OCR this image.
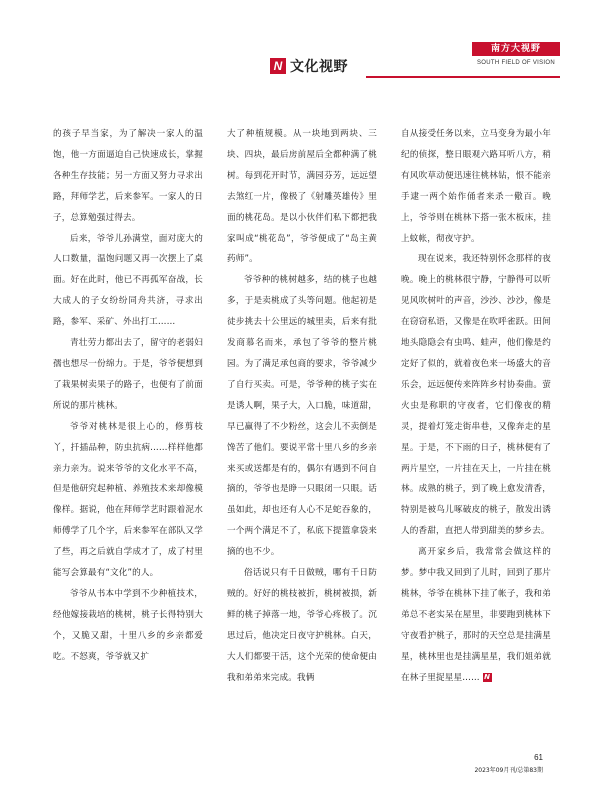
N 文化视野
南方大视野
SOUTH FIELD OF VISION

的孩子早当家，为了解决一家人的温饱，他一方面逼迫自己快速成长，掌握各种生存技能；另一方面又努力寻求出路，拜师学艺，后来参军。一家人的日子，总算勉强过得去。

后来，爷爷儿孙满堂，面对庞大的人口数量，温饱问题又再一次摆上了桌面。好在此时，他已不再孤军奋战，长大成人的子女纷纷同舟共济，寻求出路，参军、采矿、外出打工……

青壮劳力都出去了，留守的老弱妇孺也想尽一份绵力。于是，爷爷便想到了栽果树卖果子的路子，也便有了前面所说的那片桃林。

爷爷对桃林是很上心的，修剪枝丫，扦插品种，防虫抗病……样样他都亲力亲为。说来爷爷的文化水平不高，但是他研究起种植、养殖技术来却像模像样。据说，他在拜师学艺时跟着泥水师傅学了几个字，后来参军在部队又学了些，再之后就自学成才了，成了村里能写会算最有“文化”的人。

爷爷从书本中学到不少种植技术，经他嫁接栽培的桃树，桃子长得特别大个，又脆又甜，十里八乡的乡亲都爱吃。不怒爽，爷爷就又扩

大了种植规模。从一块地到两块、三块、四块，最后房前屋后全都种满了桃树。每到花开时节，满园芬芳，远远望去煞红一片，像极了《射雕英雄传》里面的桃花岛。是以小伙伴们私下都把我家叫成“桃花岛”，爷爷便成了“岛主黄药师”。

爷爷种的桃树越多，结的桃子也越多，于是卖桃成了头等问题。他起初是徒步挑去十公里远的城里卖，后来有批发商慕名而来，承包了爷爷的整片桃园。为了满足承包商的要求，爷爷减少了自行买卖。可是，爷爷种的桃子实在是诱人啊，果子大，入口脆，味道甜，早已赢得了不少粉丝，这会儿不卖倒是馋苦了他们。要说平常十里八乡的乡亲来买或送都是有的，偶尔有遇到不问自摘的，爷爷也是睁一只眼闭一只眼。话虽如此，却也还有人心不足蛇吞象的，一个两个满足不了，私底下提篮拿袋来摘的也不少。

俗话说只有千日做贼，哪有千日防贼的。好好的桃枝被折，桃树被损，新鲜的桃子掉落一地，爷爷心疼极了。沉思过后，他决定日夜守护桃林。白天，大人们都要干活，这个光荣的使命便由我和弟弟来完成。我俩

自从接受任务以来，立马变身为最小年纪的侦探，整日眼观六路耳听八方，稍有风吹草动便迅速往桃林钻，恨不能亲手逮一两个始作俑者来杀一儆百。晚上，爷爷则在桃林下搭一张木板床，挂上蚊帐，彻夜守护。

现在说来，我还特别怀念那样的夜晚。晚上的桃林很宁静，宁静得可以听见风吹树叶的声音，沙沙、沙沙，像是在窃窃私语，又像是在吹呼雀跃。田间地头隐隐会有虫鸣、蛙声，他们像是约定好了似的，就着夜色来一场盛大的音乐会，远远便传来阵阵乡村协奏曲。萤火虫是称职的守夜者，它们像夜的精灵，提着灯笼走街串巷，又像奔走的星星。于是，不下雨的日子，桃林便有了两片星空，一片挂在天上，一片挂在桃林。成熟的桃子，到了晚上愈发清香，特别是被鸟儿啄破皮的桃子，散发出诱人的香甜，直把人带到甜美的梦乡去。

离开家乡后，我常常会做这样的梦。梦中我又回到了儿时，回到了那片桃林，爷爷在桃林下挂了帐子，我和弟弟总不老实呆在屋里，非要跑到桃林下守夜看护桃子，那时的天空总是挂满星星，桃林里也是挂满星星，我们姐弟就在林子里捉星星…… N

61
2023年09月刊/总第83期
